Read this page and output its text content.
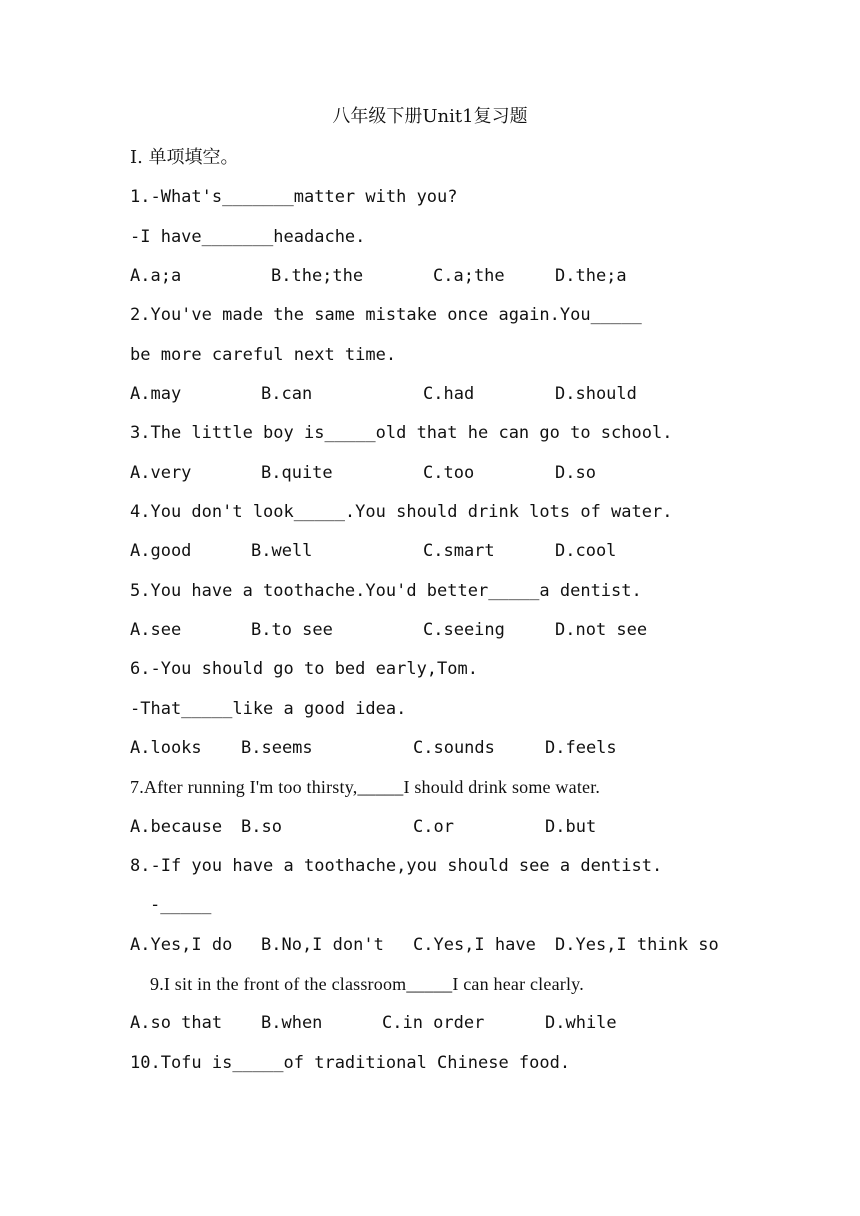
八年级下册Unit1复习题
I. 单项填空。
1.-What's_______matter with you?
-I have_______headache.
A.a;a	B.the;the	C.a;the	D.the;a
2.You've made the same mistake once again.You_____
be more careful next time.
A.may	B.can	C.had	D.should
3.The little boy is_____old that he can go to school.
A.very	B.quite	C.too	D.so
4.You don't look_____.You should drink lots of water.
A.good	B.well	C.smart	D.cool
5.You have a toothache.You'd better_____a dentist.
A.see	B.to see	C.seeing	D.not see
6.-You should go to bed early,Tom.
-That_____like a good idea.
A.looks B.seems	C.sounds	D.feels
7.After running I'm too thirsty,_____I should drink some water.
A.because B.so	C.or	D.but
8.-If you have a toothache,you should see a dentist.
-_____
A.Yes,I do B.No,I don't C.Yes,I have D.Yes,I think so
9.I sit in the front of the classroom_____I can hear clearly.
A.so that B.when	C.in order	D.while
10.Tofu is_____of traditional Chinese food.
